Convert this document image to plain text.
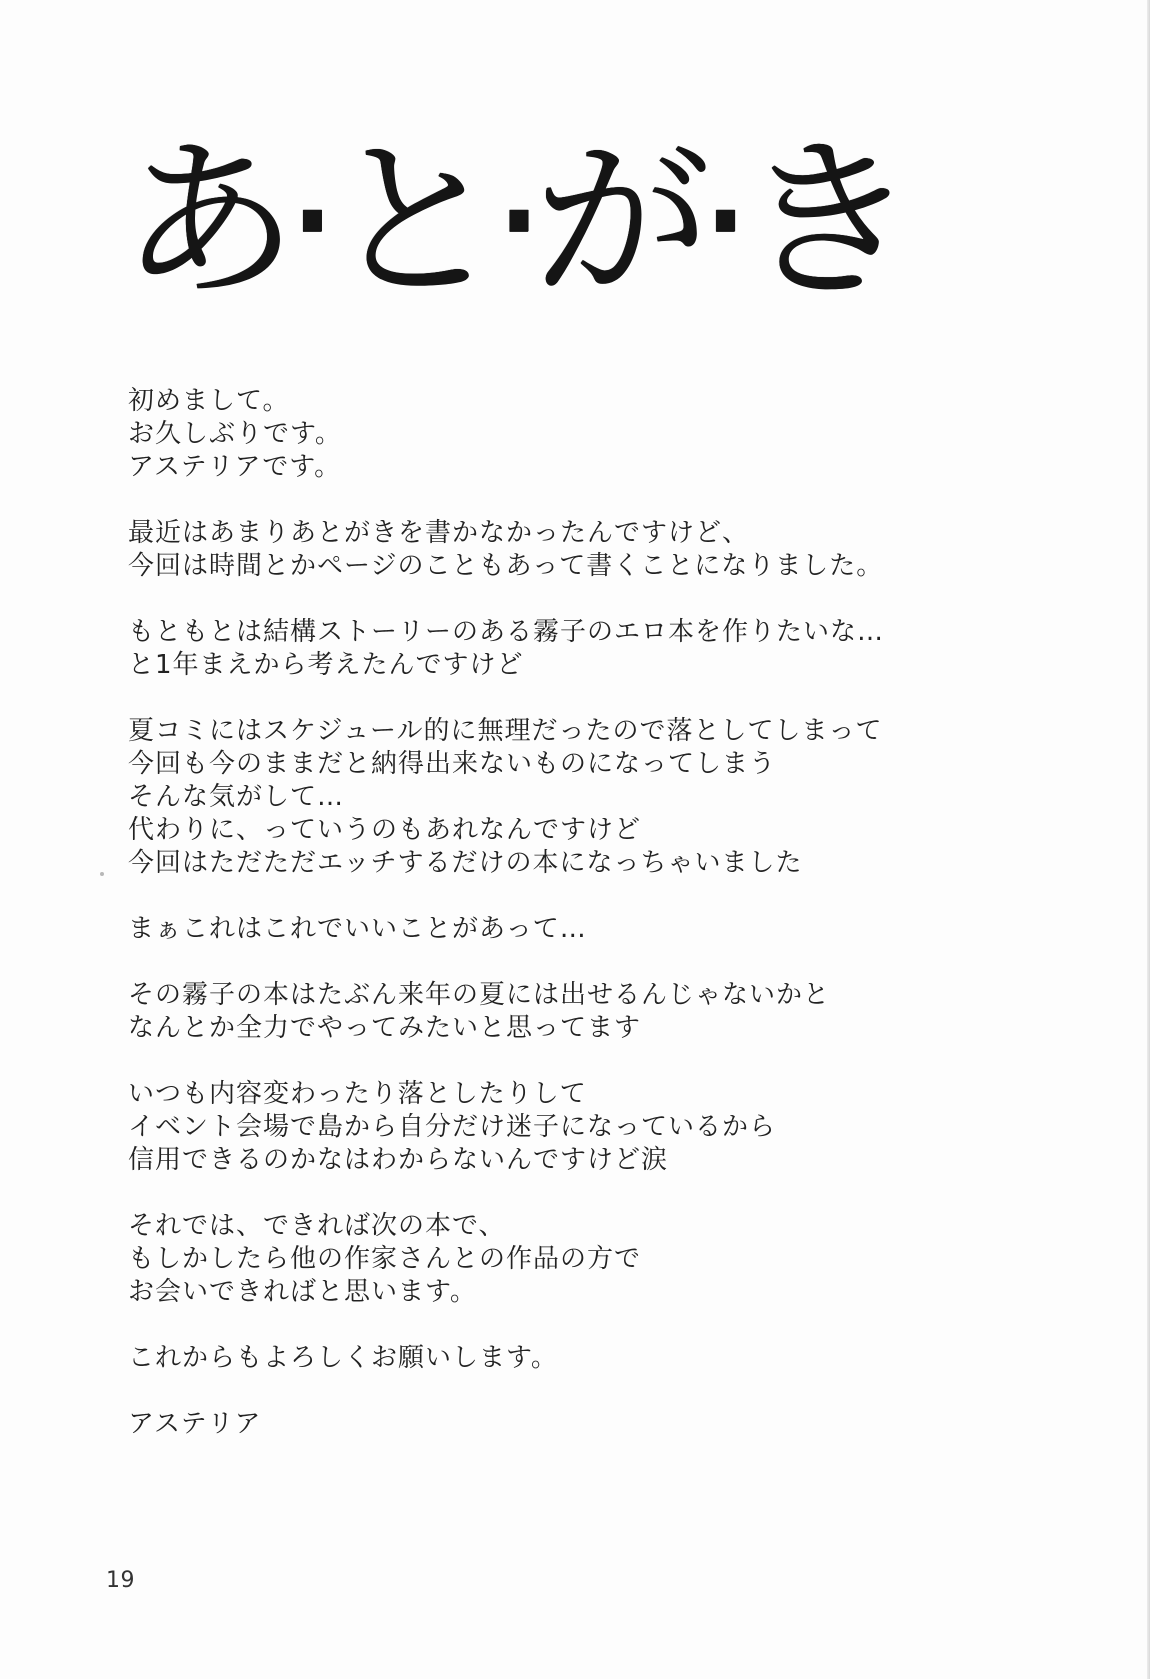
あ·と·が·き
初めまして。
お久しぶりです。
アステリアです。
最近はあまりあとがきを書かなかったんですけど、
今回は時間とかページのこともあって書くことになりました。
もともとは結構ストーリーのある霧子のエロ本を作りたいな…
と1年まえから考えたんですけど
夏コミにはスケジュール的に無理だったので落としてしまって
今回も今のままだと納得出来ないものになってしまう
そんな気がして…
代わりに、っていうのもあれなんですけど
今回はただただエッチするだけの本になっちゃいました
まぁこれはこれでいいことがあって…
その霧子の本はたぶん来年の夏には出せるんじゃないかと
なんとか全力でやってみたいと思ってます
いつも内容変わったり落としたりして
イベント会場で島から自分だけ迷子になっているから
信用できるのかなはわからないんですけど涙
それでは、できれば次の本で、
もしかしたら他の作家さんとの作品の方で
お会いできればと思います。
これからもよろしくお願いします。
アステリア
19
